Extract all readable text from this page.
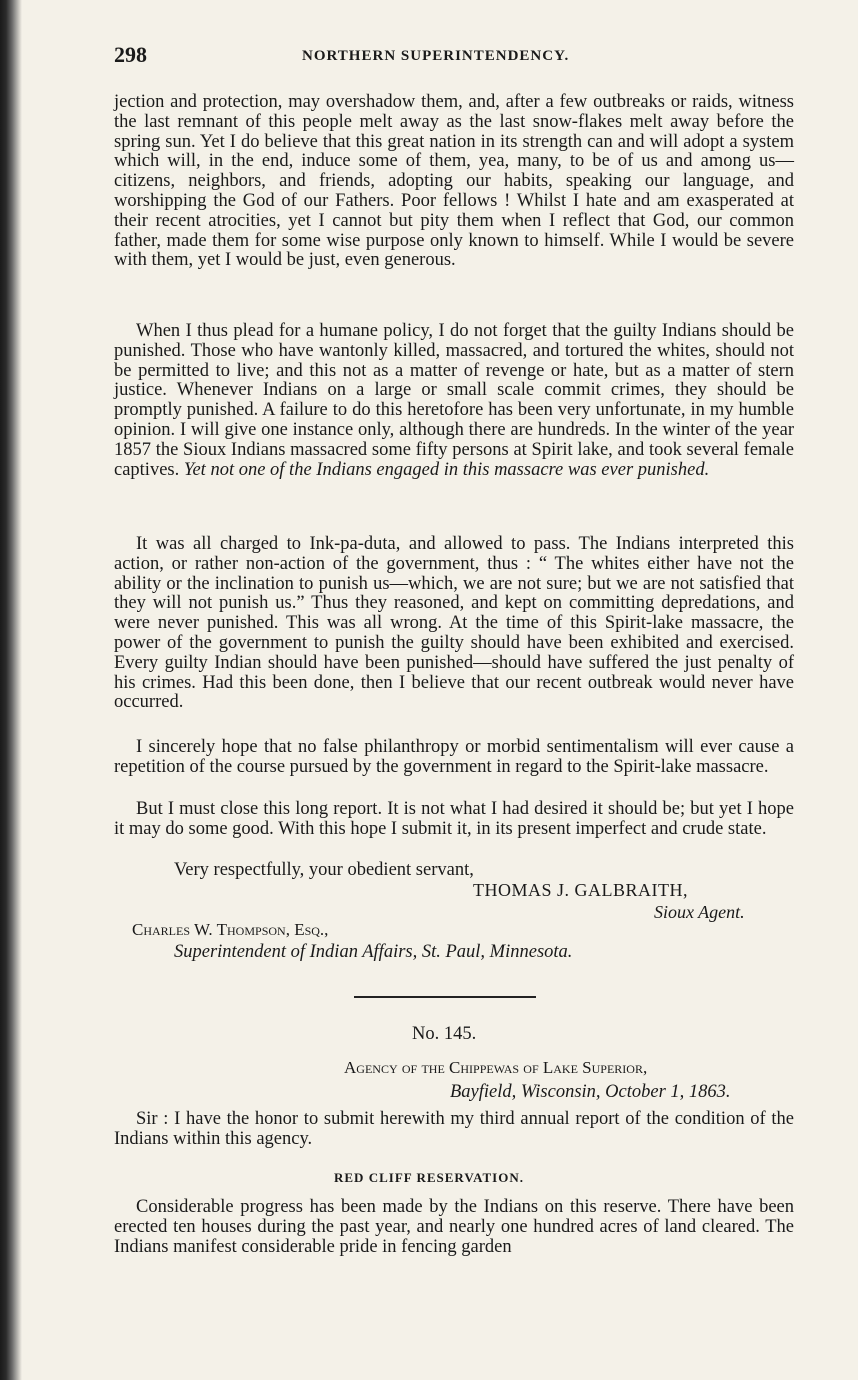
298	NORTHERN SUPERINTENDENCY.
jection and protection, may overshadow them, and, after a few outbreaks or raids, witness the last remnant of this people melt away as the last snow-flakes melt away before the spring sun. Yet I do believe that this great nation in its strength can and will adopt a system which will, in the end, induce some of them, yea, many, to be of us and among us—citizens, neighbors, and friends, adopting our habits, speaking our language, and worshipping the God of our Fathers. Poor fellows ! Whilst I hate and am exasperated at their recent atrocities, yet I cannot but pity them when I reflect that God, our common father, made them for some wise purpose only known to himself. While I would be severe with them, yet I would be just, even generous.
When I thus plead for a humane policy, I do not forget that the guilty Indians should be punished. Those who have wantonly killed, massacred, and tortured the whites, should not be permitted to live; and this not as a matter of revenge or hate, but as a matter of stern justice. Whenever Indians on a large or small scale commit crimes, they should be promptly punished. A failure to do this heretofore has been very unfortunate, in my humble opinion. I will give one instance only, although there are hundreds. In the winter of the year 1857 the Sioux Indians massacred some fifty persons at Spirit lake, and took several female captives. Yet not one of the Indians engaged in this massacre was ever punished.
It was all charged to Ink-pa-duta, and allowed to pass. The Indians interpreted this action, or rather non-action of the government, thus : “ The whites either have not the ability or the inclination to punish us—which, we are not sure; but we are not satisfied that they will not punish us.” Thus they reasoned, and kept on committing depredations, and were never punished. This was all wrong. At the time of this Spirit-lake massacre, the power of the government to punish the guilty should have been exhibited and exercised. Every guilty Indian should have been punished—should have suffered the just penalty of his crimes. Had this been done, then I believe that our recent outbreak would never have occurred.
I sincerely hope that no false philanthropy or morbid sentimentalism will ever cause a repetition of the course pursued by the government in regard to the Spirit-lake massacre.
But I must close this long report. It is not what I had desired it should be; but yet I hope it may do some good. With this hope I submit it, in its present imperfect and crude state.
Very respectfully, your obedient servant,
THOMAS J. GALBRAITH,
Sioux Agent.
Charles W. Thompson, Esq.,
Superintendent of Indian Affairs, St. Paul, Minnesota.
No. 145.
Agency of the Chippewas of Lake Superior,
Bayfield, Wisconsin, October 1, 1863.
Sir : I have the honor to submit herewith my third annual report of the condition of the Indians within this agency.
RED CLIFF RESERVATION.
Considerable progress has been made by the Indians on this reserve. There have been erected ten houses during the past year, and nearly one hundred acres of land cleared. The Indians manifest considerable pride in fencing garden
